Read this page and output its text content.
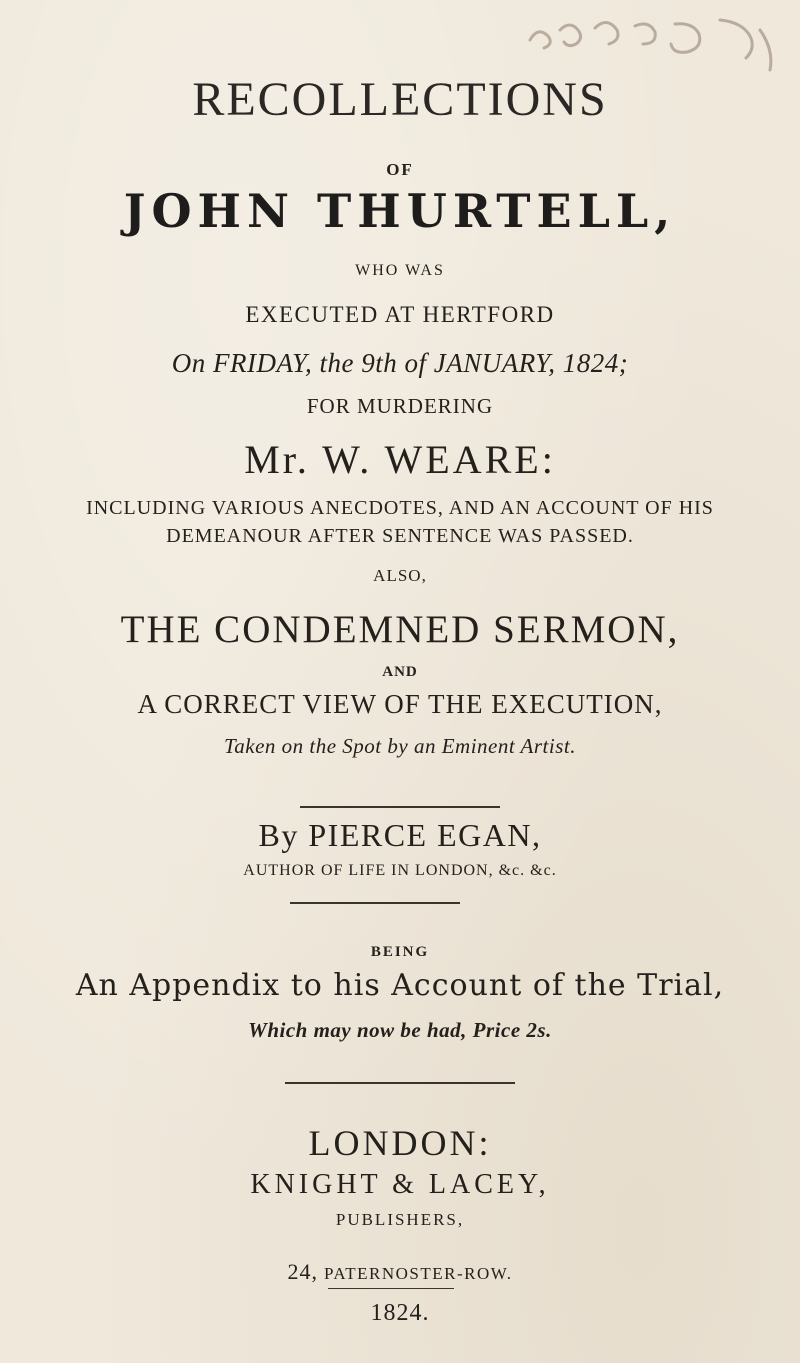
RECOLLECTIONS
OF
JOHN THURTELL,
WHO WAS
EXECUTED AT HERTFORD
On FRIDAY, the 9th of JANUARY, 1824;
FOR MURDERING
Mr. W. WEARE:
INCLUDING VARIOUS ANECDOTES, AND AN ACCOUNT OF HIS
DEMEANOUR AFTER SENTENCE WAS PASSED.
ALSO,
THE CONDEMNED SERMON,
AND
A CORRECT VIEW OF THE EXECUTION,
Taken on the Spot by an Eminent Artist.
By PIERCE EGAN,
AUTHOR OF LIFE IN LONDON, &c. &c.
BEING
An Appendix to his Account of the Trial,
Which may now be had, Price 2s.
LONDON:
KNIGHT & LACEY,
PUBLISHERS,
24, PATERNOSTER-ROW.
1824.
